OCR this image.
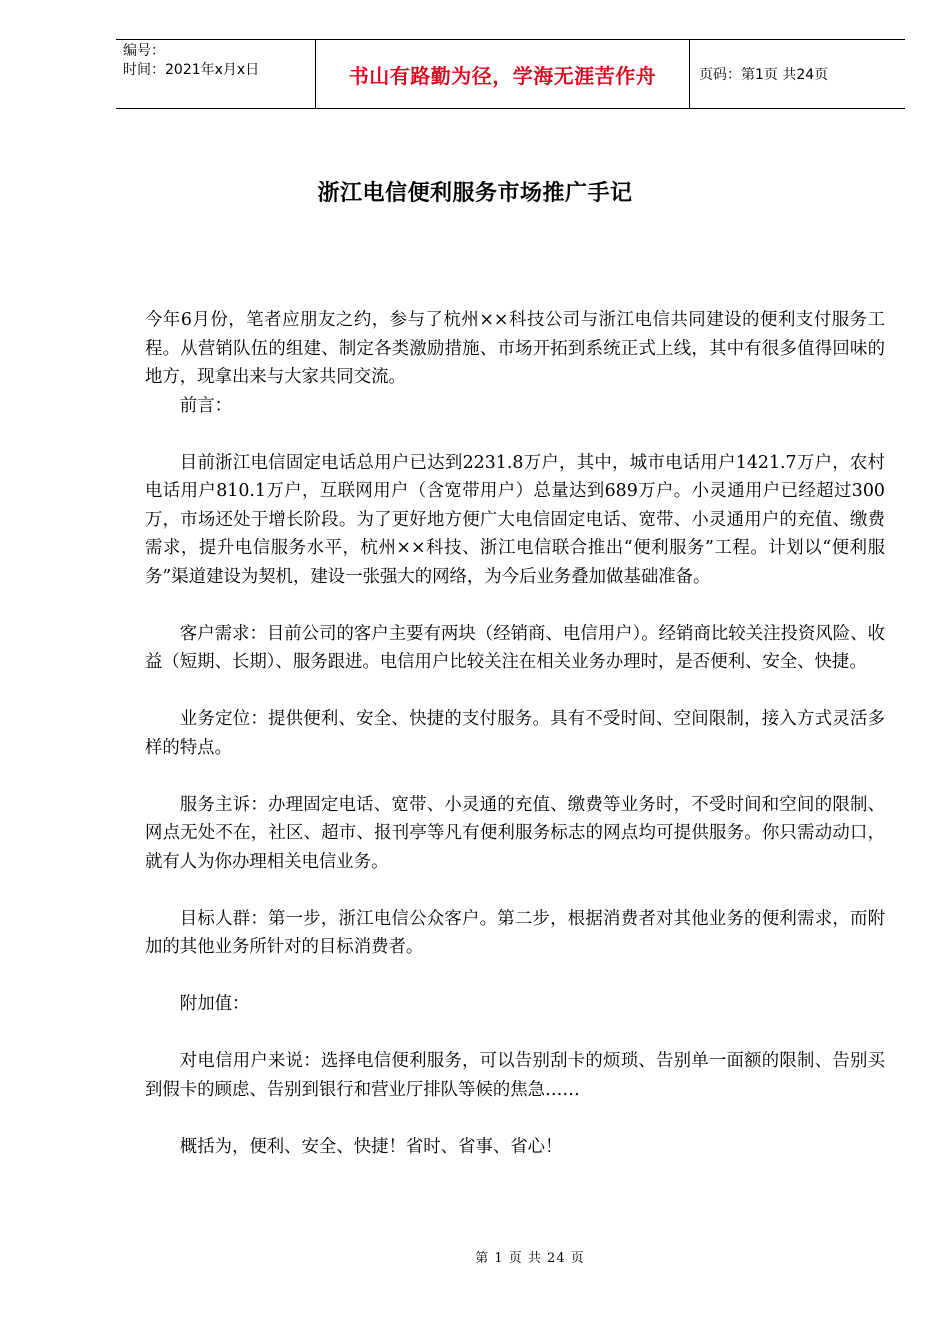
编号：
时间：2021年x月x日	书山有路勤为径，学海无涯苦作舟	页码：第1页 共24页
浙江电信便利服务市场推广手记

今年6月份，笔者应朋友之约，参与了杭州××科技公司与浙江电信共同建设的便利支付服务工程。从营销队伍的组建、制定各类激励措施、市场开拓到系统正式上线，其中有很多值得回味的地方，现拿出来与大家共同交流。

前言：

目前浙江电信固定电话总用户已达到2231.8万户，其中，城市电话用户1421.7万户，农村电话用户810.1万户，互联网用户（含宽带用户）总量达到689万户。小灵通用户已经超过300万，市场还处于增长阶段。为了更好地方便广大电信固定电话、宽带、小灵通用户的充值、缴费需求，提升电信服务水平，杭州××科技、浙江电信联合推出“便利服务”工程。计划以“便利服务”渠道建设为契机，建设一张强大的网络，为今后业务叠加做基础准备。

客户需求：目前公司的客户主要有两块（经销商、电信用户）。经销商比较关注投资风险、收益（短期、长期）、服务跟进。电信用户比较关注在相关业务办理时，是否便利、安全、快捷。

业务定位：提供便利、安全、快捷的支付服务。具有不受时间、空间限制，接入方式灵活多样的特点。

服务主诉：办理固定电话、宽带、小灵通的充值、缴费等业务时，不受时间和空间的限制、网点无处不在，社区、超市、报刊亭等凡有便利服务标志的网点均可提供服务。你只需动动口，就有人为你办理相关电信业务。

目标人群：第一步，浙江电信公众客户。第二步，根据消费者对其他业务的便利需求，而附加的其他业务所针对的目标消费者。

附加值：

对电信用户来说：选择电信便利服务，可以告别刮卡的烦琐、告别单一面额的限制、告别买到假卡的顾虑、告别到银行和营业厅排队等候的焦急……

概括为，便利、安全、快捷！省时、省事、省心！

第 1 页 共 24 页
